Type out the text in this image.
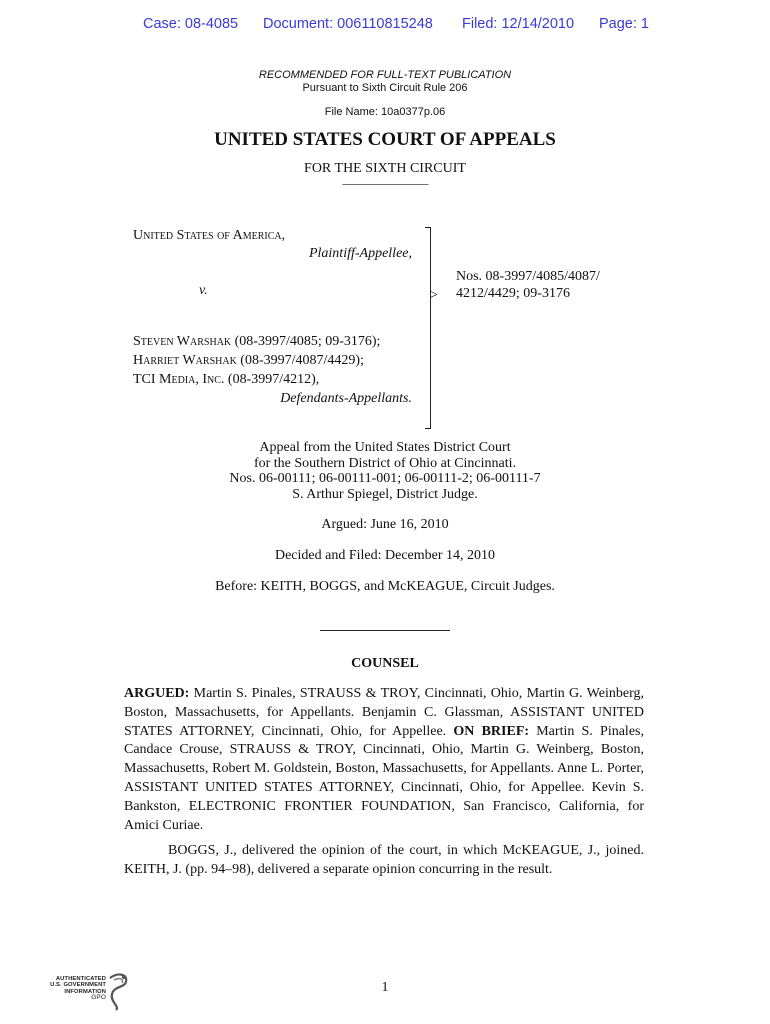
Case: 08-4085 Document: 006110815248 Filed: 12/14/2010 Page: 1
RECOMMENDED FOR FULL-TEXT PUBLICATION
Pursuant to Sixth Circuit Rule 206
File Name: 10a0377p.06
UNITED STATES COURT OF APPEALS
FOR THE SIXTH CIRCUIT
_________________
United States of America,
Plaintiff-Appellee,
v.
Steven Warshak (08-3997/4085; 09-3176);
Harriet Warshak (08-3997/4087/4429);
TCI Media, Inc. (08-3997/4212),
Defendants-Appellants.
>
Nos. 08-3997/4085/4087/
4212/4429; 09-3176
Appeal from the United States District Court
for the Southern District of Ohio at Cincinnati.
Nos. 06-00111; 06-00111-001; 06-00111-2; 06-00111-7
S. Arthur Spiegel, District Judge.
Argued: June 16, 2010
Decided and Filed: December 14, 2010
Before: KEITH, BOGGS, and McKEAGUE, Circuit Judges.
COUNSEL
ARGUED: Martin S. Pinales, STRAUSS & TROY, Cincinnati, Ohio, Martin G. Weinberg, Boston, Massachusetts, for Appellants. Benjamin C. Glassman, ASSISTANT UNITED STATES ATTORNEY, Cincinnati, Ohio, for Appellee. ON BRIEF: Martin S. Pinales, Candace Crouse, STRAUSS & TROY, Cincinnati, Ohio, Martin G. Weinberg, Boston, Massachusetts, Robert M. Goldstein, Boston, Massachusetts, for Appellants. Anne L. Porter, ASSISTANT UNITED STATES ATTORNEY, Cincinnati, Ohio, for Appellee. Kevin S. Bankston, ELECTRONIC FRONTIER FOUNDATION, San Francisco, California, for Amici Curiae.
BOGGS, J., delivered the opinion of the court, in which McKEAGUE, J., joined. KEITH, J. (pp. 94–98), delivered a separate opinion concurring in the result.
AUTHENTICATED
U.S. GOVERNMENT
INFORMATION
GPO
1
